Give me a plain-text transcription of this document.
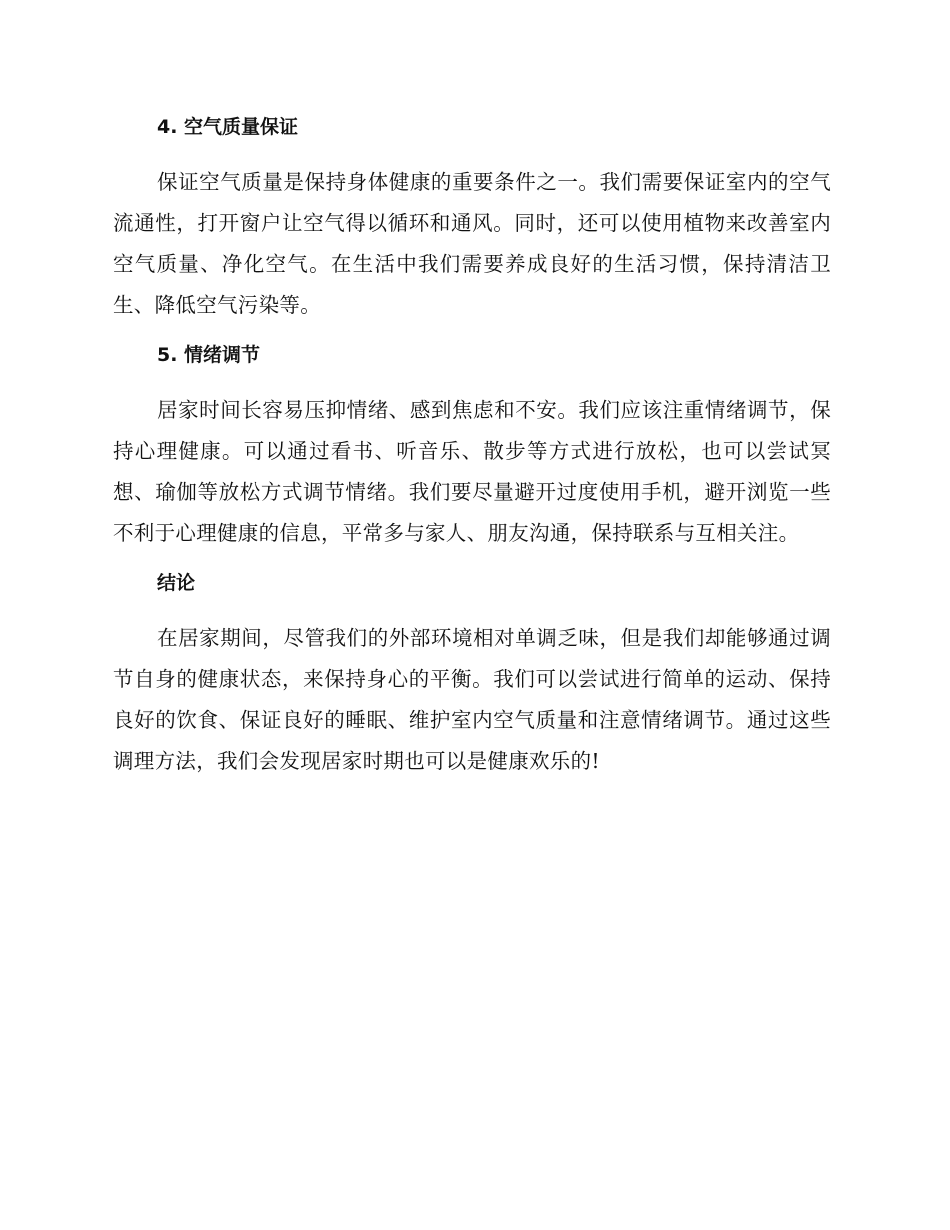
4. 空气质量保证

保证空气质量是保持身体健康的重要条件之一。我们需要保证室内的空气流通性，打开窗户让空气得以循环和通风。同时，还可以使用植物来改善室内空气质量、净化空气。在生活中我们需要养成良好的生活习惯，保持清洁卫生、降低空气污染等。

5. 情绪调节

居家时间长容易压抑情绪、感到焦虑和不安。我们应该注重情绪调节，保持心理健康。可以通过看书、听音乐、散步等方式进行放松，也可以尝试冥想、瑜伽等放松方式调节情绪。我们要尽量避开过度使用手机，避开浏览一些不利于心理健康的信息，平常多与家人、朋友沟通，保持联系与互相关注。

结论

在居家期间，尽管我们的外部环境相对单调乏味，但是我们却能够通过调节自身的健康状态，来保持身心的平衡。我们可以尝试进行简单的运动、保持良好的饮食、保证良好的睡眠、维护室内空气质量和注意情绪调节。通过这些调理方法，我们会发现居家时期也可以是健康欢乐的!
